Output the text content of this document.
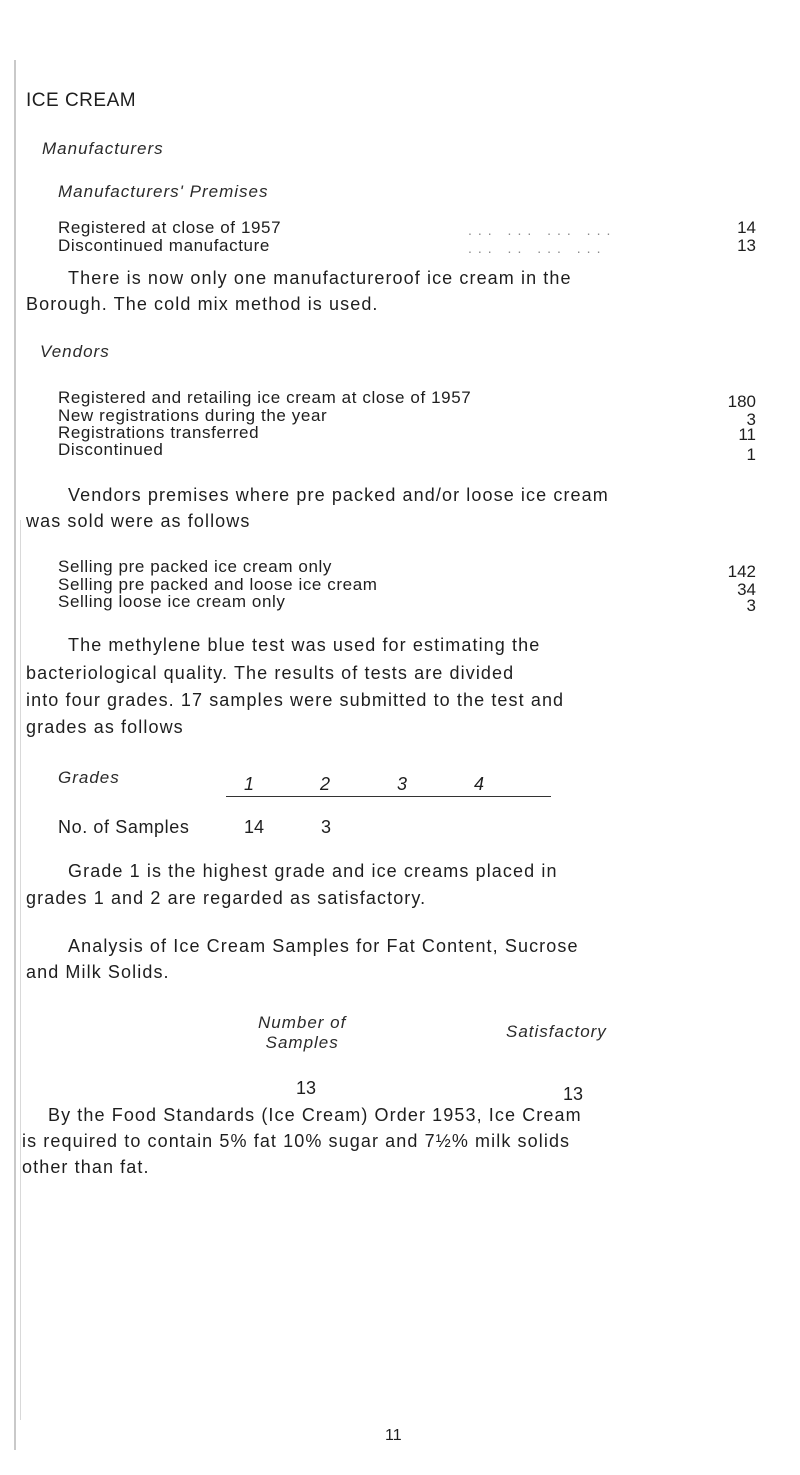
ICE CREAM
Manufacturers
Manufacturers' Premises
Registered at close of 1957	... ... ... ...	14
Discontinued manufacture	... .. ... ...	13
There is now only one manufactureroof ice cream in the
Borough. The cold mix method is used.
Vendors
Registered and retailing ice cream at close of 1957	180
New registrations during the year	3
Registrations transferred	11
Discontinued	1
Vendors premises where pre packed and/or loose ice cream
was sold were as follows
Selling pre packed ice cream only	142
Selling pre packed and loose ice cream	34
Selling loose ice cream only	3
The methylene blue test was used for estimating the
bacteriological quality. The results of tests are divided
into four grades. 17 samples were submitted to the test and
grades as follows
Grades	1	2	3	4
No. of Samples	14	3
Grade 1 is the highest grade and ice creams placed in
grades 1 and 2 are regarded as satisfactory.
Analysis of Ice Cream Samples for Fat Content, Sucrose
and Milk Solids.
Number of
Samples
Satisfactory
13	13
By the Food Standards (Ice Cream) Order 1953, Ice Cream
is required to contain 5% fat 10% sugar and 7½% milk solids
other than fat.
11
